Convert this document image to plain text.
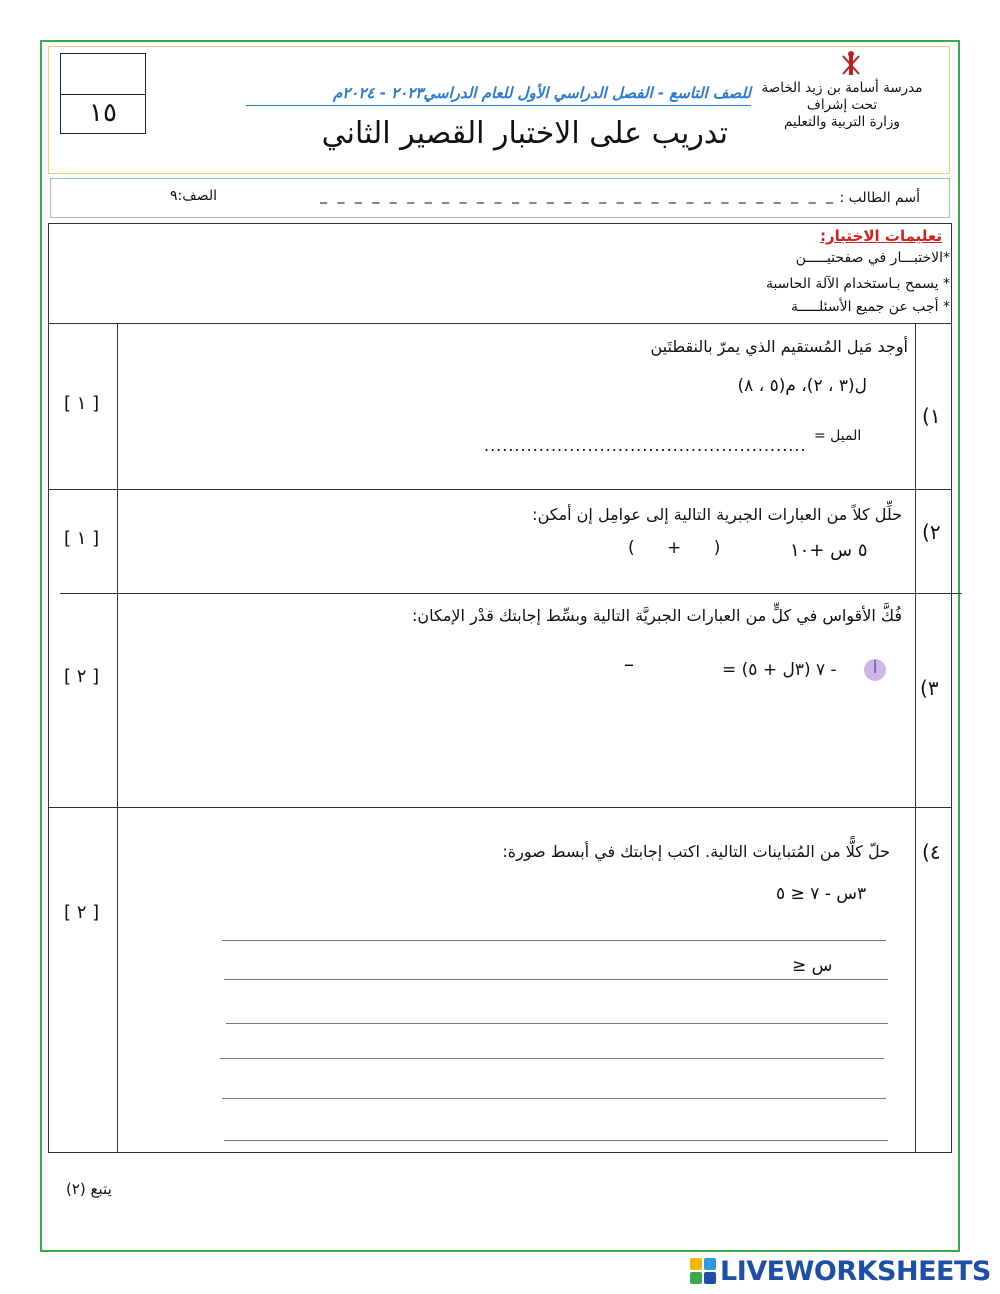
١٥
مدرسة أسامة بن زيد الخاصة
تحت إشراف
وزارة التربية والتعليم
للصف التاسع - الفصل الدراسي الأول للعام الدراسي٢٠٢٣ - ٢٠٢٤م
تدريب على الاختبار القصير الثاني
أسم الطالب :
_ _ _ _ _ _ _ _ _ _ _ _ _ _ _ _ _ _ _ _ _ _ _ _ _ _ _ _ _ _
الصف:٩
تعليمات الاختبار:
*الاختبـــار في صفحتيـــــن
* يسمح بـاستخدام الآلة الحاسبة
* أجب عن جميع الأسئلـــــة
١)
[ ١ ]
أوجد مَيل المُستقيم الذي يمرّ بالنقطتَين
ل(٣ ، ٢)، م(٥ ، ٨)
الميل =
.....................................................
٢)
[ ١ ]
حلِّل كلاً من العبارات الجبرية التالية إلى عوامِل إن أمكن:
٥ س +١٠
(      +      )
٣)
[ ٢ ]
فُكَّ الأقواس في كلٍّ من العبارات الجبريَّة التالية وبسِّط إجابتك قدْر الإمكان:
أ
- ٧ (٣ل + ٥) =
–
٤)
[ ٢ ]
حلّ كلًّا من المُتباينات التالية. اكتب إجابتك في أبسط صورة:
٣س - ٧ ≤ ٥
س ≤
يتبع (٢)
LIVEWORKSHEETS
